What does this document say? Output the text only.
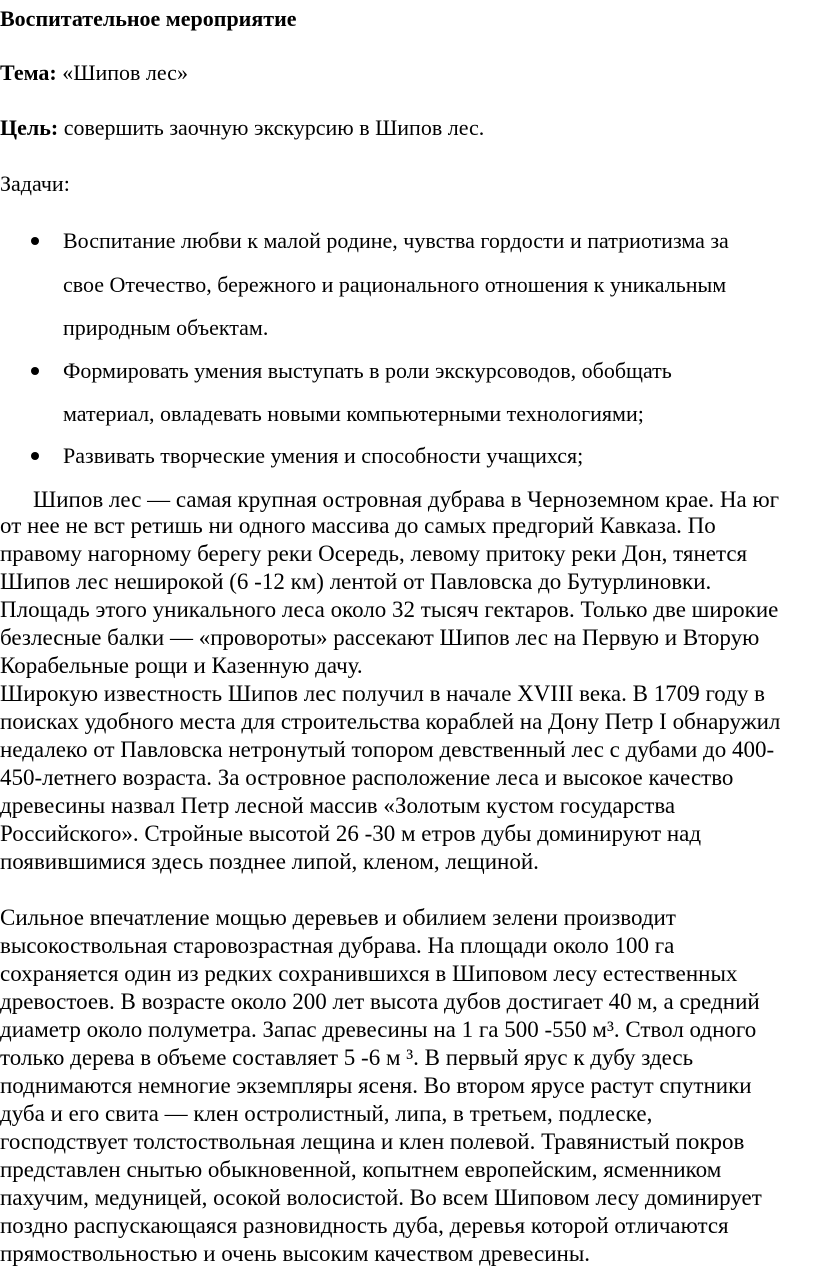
Воспитательное мероприятие
Тема: «Шипов лес»
Цель: совершить заочную экскурсию в Шипов лес.
Задачи:
Воспитание любви к малой родине, чувства гордости и патриотизма за
свое Отечество, бережного и рационального отношения к уникальным
природным объектам.
Формировать умения выступать в роли экскурсоводов, обобщать
материал, овладевать новыми компьютерными технологиями;
Развивать творческие умения и способности учащихся;
Шипов лес — самая крупная островная дубрава в Черноземном крае. На юг
от нее не вст ретишь ни одного массива до самых предгорий Кавказа. По
правому нагорному берегу реки Осередь, левому притоку реки Дон, тянется
Шипов лес неширокой (6 -12 км) лентой от Павловска до Бутурлиновки.
Площадь этого уникального леса около 32 тысяч гектаров. Только две широкие
безлесные балки — «провороты» рассекают Шипов лес на Первую и Вторую
Корабельные рощи и Казенную дачу.
Широкую известность Шипов лес получил в начале XVIII века. В 1709 году в
поисках удобного места для строительства кораблей на Дону Петр I обнаружил
недалеко от Павловска нетронутый топором девственный лес с дубами до 400-
450-летнего возраста. За островное расположение леса и высокое качество
древесины назвал Петр лесной массив «Золотым кустом государства
Российского». Стройные высотой 26 -30 м етров дубы доминируют над
появившимися здесь позднее липой, кленом, лещиной.
Сильное впечатление мощью деревьев и обилием зелени производит
высокоствольная старовозрастная дубрава. На площади около 100 га
сохраняется один из редких сохранившихся в Шиповом лесу естественных
древостоев. В возрасте около 200 лет высота дубов достигает 40 м, а средний
диаметр около полуметра. Запас древесины на 1 га 500 -550 м³. Ствол одного
только дерева в объеме составляет 5 -6 м ³. В первый ярус к дубу здесь
поднимаются немногие экземпляры ясеня. Во втором ярусе растут спутники
дуба и его свита — клен остролистный, липа, в третьем, подлеске,
господствует толстоствольная лещина и клен полевой. Травянистый покров
представлен снытью обыкновенной, копытнем европейским, ясменником
пахучим, медуницей, осокой волосистой. Во всем Шиповом лесу доминирует
поздно распускающаяся разновидность дуба, деревья которой отличаются
прямоствольностью и очень высоким качеством древесины.
